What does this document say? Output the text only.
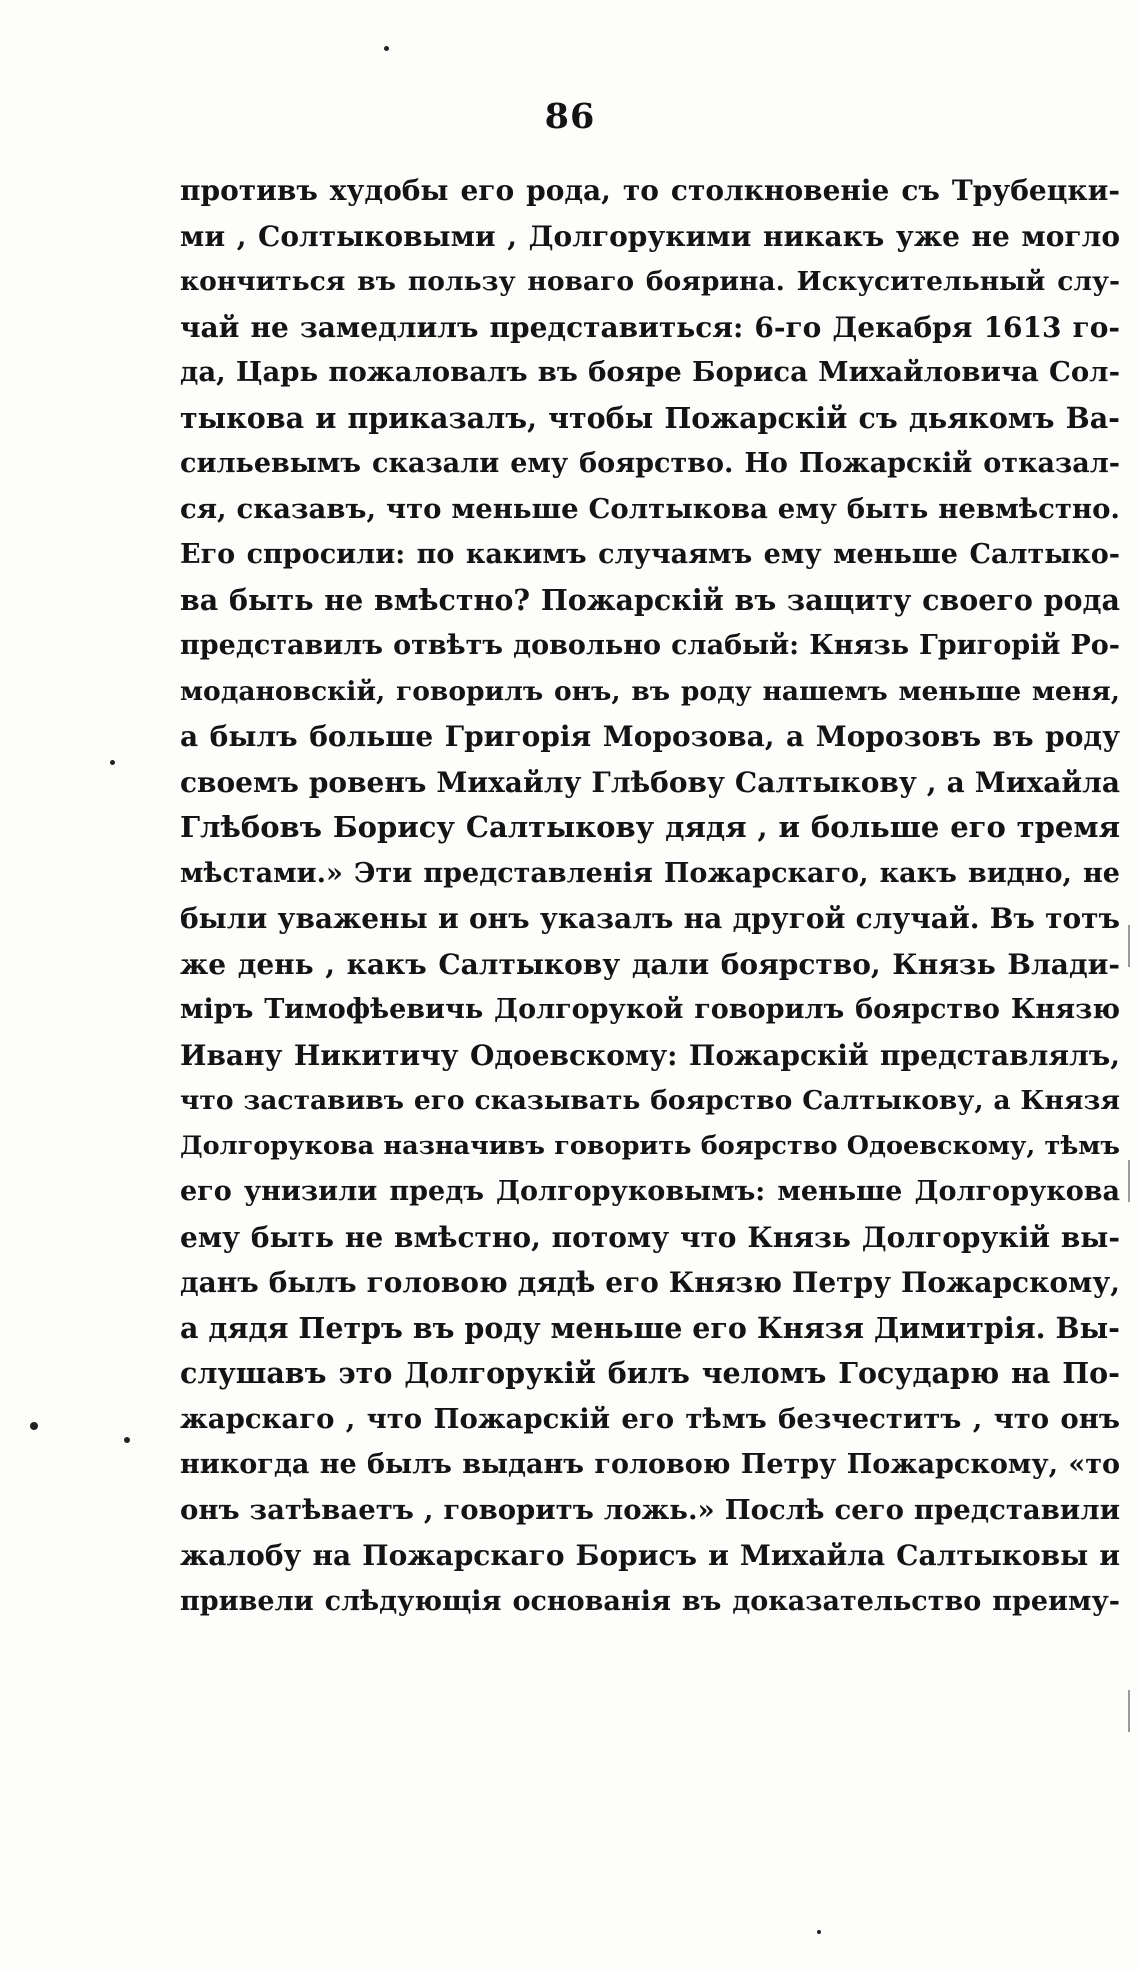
86
противъ худобы его рода, то столкновеніе съ Трубецки-
ми , Солтыковыми , Долгорукими никакъ уже не могло
кончиться въ пользу новаго боярина. Искусительный слу-
чай не замедлилъ представиться: 6-го Декабря 1613 го-
да, Царь пожаловалъ въ бояре Бориса Михайловича Сол-
тыкова и приказалъ, чтобы Пожарскій съ дьякомъ Ва-
сильевымъ сказали ему боярство. Но Пожарскій отказал-
ся, сказавъ, что меньше Солтыкова ему быть невмѣстно.
Его спросили: по какимъ случаямъ ему меньше Салтыко-
ва быть не вмѣстно? Пожарскій въ защиту своего рода
представилъ отвѣтъ довольно слабый: Князь Григорій Ро-
модановскій, говорилъ онъ, въ роду нашемъ меньше меня,
а былъ больше Григорія Морозова, а Морозовъ въ роду
своемъ ровенъ Михайлу Глѣбову Салтыкову , а Михайла
Глѣбовъ Борису Салтыкову дядя , и больше его тремя
мѣстами.» Эти представленія Пожарскаго, какъ видно, не
были уважены и онъ указалъ на другой случай. Въ тотъ
же день , какъ Салтыкову дали боярство, Князь Влади-
міръ Тимофѣевичь Долгорукой говорилъ боярство Князю
Ивану Никитичу Одоевскому: Пожарскій представлялъ,
что заставивъ его сказывать боярство Салтыкову, а Князя
Долгорукова назначивъ говорить боярство Одоевскому, тѣмъ
его унизили предъ Долгоруковымъ: меньше Долгорукова
ему быть не вмѣстно, потому что Князь Долгорукій вы-
данъ былъ головою дядѣ его Князю Петру Пожарскому,
а дядя Петръ въ роду меньше его Князя Димитрія. Вы-
слушавъ это Долгорукій билъ челомъ Государю на По-
жарскаго , что Пожарскій его тѣмъ безчеститъ , что онъ
никогда не былъ выданъ головою Петру Пожарскому, «то
онъ затѣваетъ , говоритъ ложь.» Послѣ сего представили
жалобу на Пожарскаго Борисъ и Михайла Салтыковы и
привели слѣдующія основанія въ доказательство преиму-
